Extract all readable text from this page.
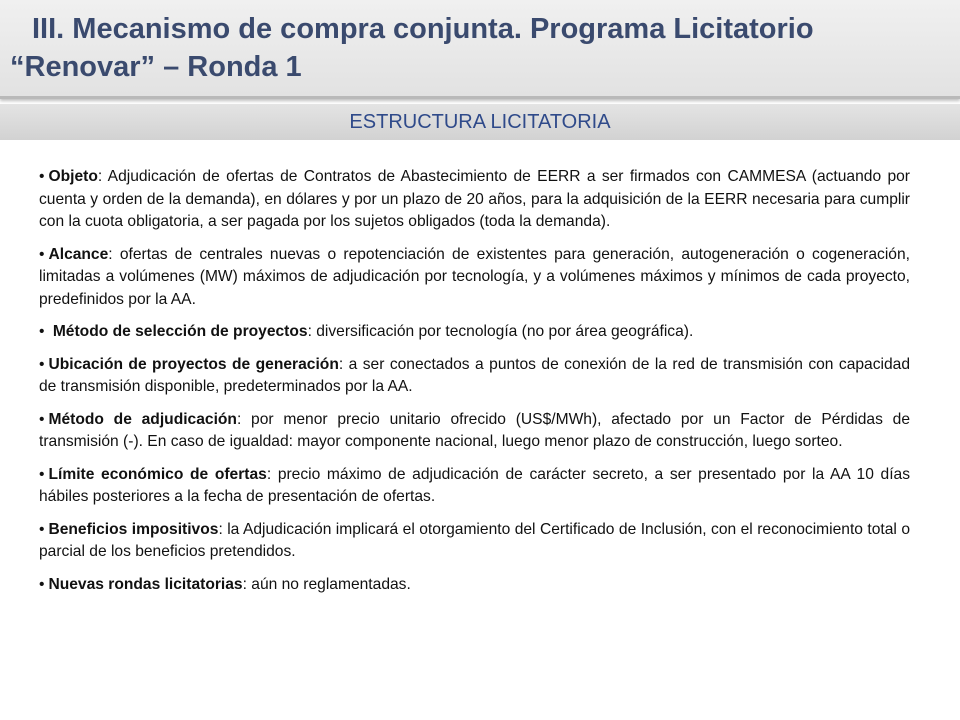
III. Mecanismo de compra conjunta. Programa Licitatorio
“Renovar” – Ronda 1
ESTRUCTURA LICITATORIA

• Objeto: Adjudicación de ofertas de Contratos de Abastecimiento de EERR a ser firmados con CAMMESA (actuando por cuenta y orden de la demanda), en dólares y por un plazo de 20 años, para la adquisición de la EERR necesaria para cumplir con la cuota obligatoria, a ser pagada por los sujetos obligados (toda la demanda).

• Alcance: ofertas de centrales nuevas o repotenciación de existentes para generación, autogeneración o cogeneración, limitadas a volúmenes (MW) máximos de adjudicación por tecnología, y a volúmenes máximos y mínimos de cada proyecto, predefinidos por la AA.

• Método de selección de proyectos: diversificación por tecnología (no por área geográfica).

• Ubicación de proyectos de generación: a ser conectados a puntos de conexión de la red de transmisión con capacidad de transmisión disponible, predeterminados por la AA.

• Método de adjudicación: por menor precio unitario ofrecido (US$/MWh), afectado por un Factor de Pérdidas de transmisión (-). En caso de igualdad: mayor componente nacional, luego menor plazo de construcción, luego sorteo.

• Límite económico de ofertas: precio máximo de adjudicación de carácter secreto, a ser presentado por la AA 10 días hábiles posteriores a la fecha de presentación de ofertas.

• Beneficios impositivos: la Adjudicación implicará el otorgamiento del Certificado de Inclusión, con el reconocimiento total o parcial de los beneficios pretendidos.

• Nuevas rondas licitatorias: aún no reglamentadas.
